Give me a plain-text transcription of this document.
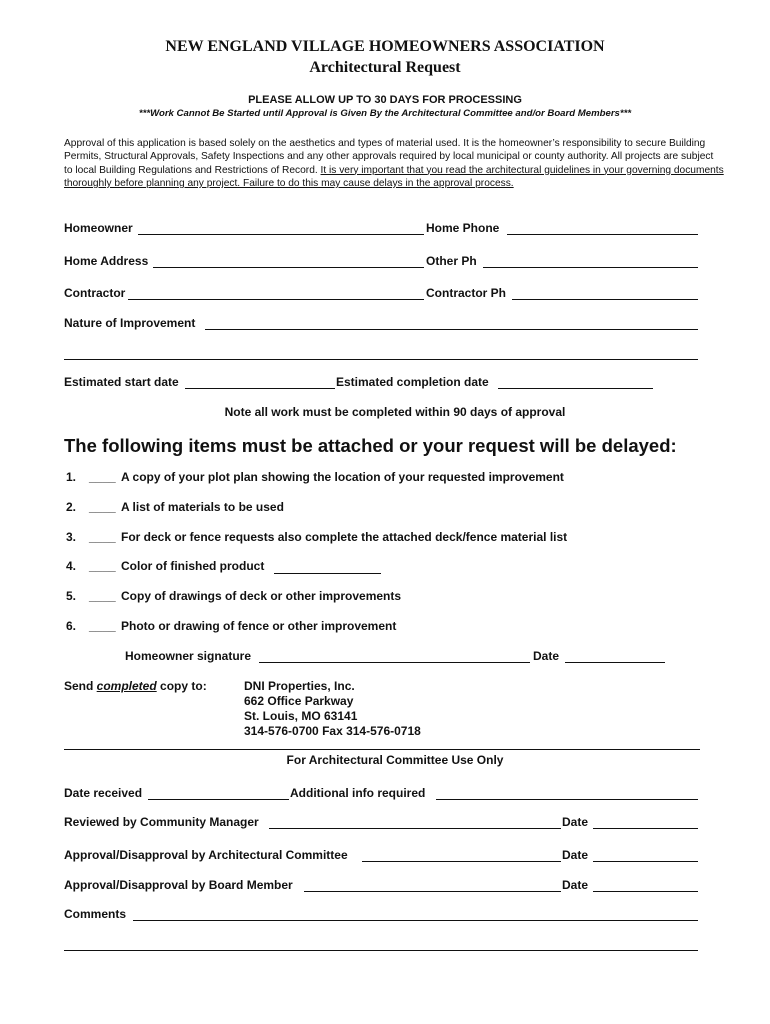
NEW ENGLAND VILLAGE HOMEOWNERS ASSOCIATION
Architectural Request
PLEASE ALLOW UP TO 30 DAYS FOR PROCESSING
***Work Cannot Be Started until Approval is Given By the Architectural Committee and/or Board Members***
Approval of this application is based solely on the aesthetics and types of material used. It is the homeowner’s responsibility to secure Building Permits, Structural Approvals, Safety Inspections and any other approvals required by local municipal or county authority. All projects are subject to local Building Regulations and Restrictions of Record. It is very important that you read the architectural guidelines in your governing documents thoroughly before planning any project. Failure to do this may cause delays in the approval process.
Homeowner	Home Phone
Home Address	Other Ph
Contractor	Contractor Ph
Nature of Improvement
Estimated start date	Estimated completion date
Note all work must be completed within 90 days of approval
The following items must be attached or your request will be delayed:
1. ____ A copy of your plot plan showing the location of your requested improvement
2. ____ A list of materials to be used
3. ____ For deck or fence requests also complete the attached deck/fence material list
4. ____ Color of finished product
5. ____ Copy of drawings of deck or other improvements
6. ____ Photo or drawing of fence or other improvement
Homeowner signature	Date
Send completed copy to:	DNI Properties, Inc.
662 Office Parkway
St. Louis, MO 63141
314-576-0700 Fax 314-576-0718
For Architectural Committee Use Only
Date received	Additional info required
Reviewed by Community Manager	Date
Approval/Disapproval by Architectural Committee	Date
Approval/Disapproval by Board Member	Date
Comments
